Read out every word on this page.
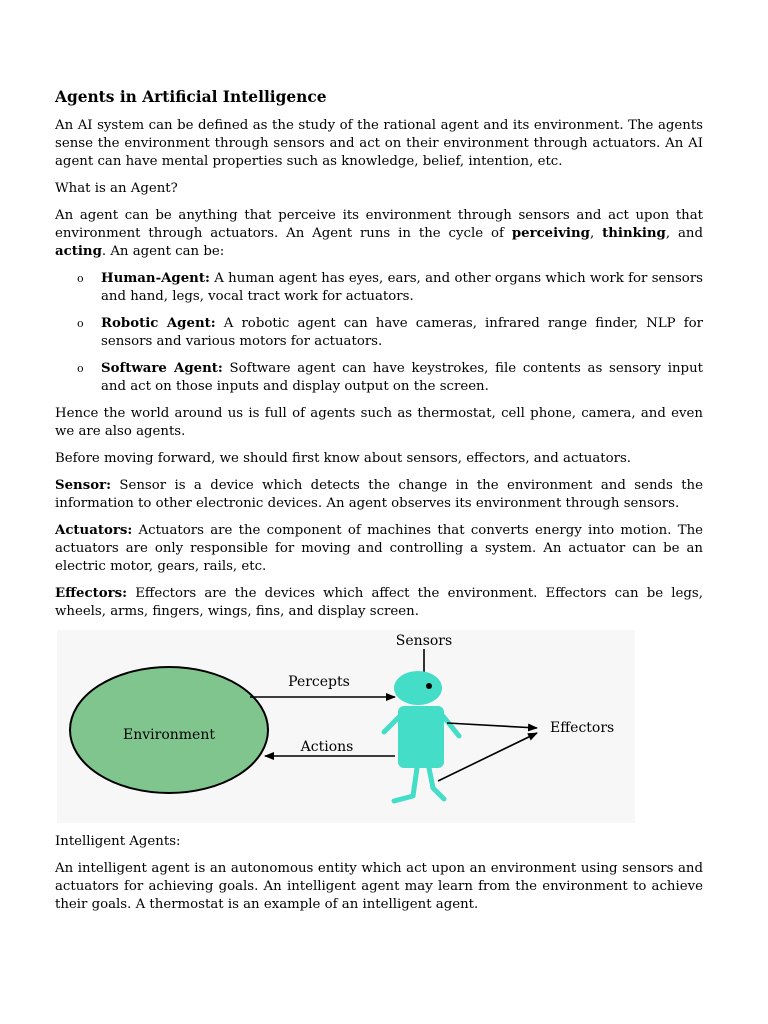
Agents in Artificial Intelligence

An AI system can be defined as the study of the rational agent and its environment. The agents sense the environment through sensors and act on their environment through actuators. An AI agent can have mental properties such as knowledge, belief, intention, etc.

What is an Agent?

An agent can be anything that perceive its environment through sensors and act upon that environment through actuators. An Agent runs in the cycle of perceiving, thinking, and acting. An agent can be:

o Human-Agent: A human agent has eyes, ears, and other organs which work for sensors and hand, legs, vocal tract work for actuators.
o Robotic Agent: A robotic agent can have cameras, infrared range finder, NLP for sensors and various motors for actuators.
o Software Agent: Software agent can have keystrokes, file contents as sensory input and act on those inputs and display output on the screen.

Hence the world around us is full of agents such as thermostat, cell phone, camera, and even we are also agents.

Before moving forward, we should first know about sensors, effectors, and actuators.

Sensor: Sensor is a device which detects the change in the environment and sends the information to other electronic devices. An agent observes its environment through sensors.

Actuators: Actuators are the component of machines that converts energy into motion. The actuators are only responsible for moving and controlling a system. An actuator can be an electric motor, gears, rails, etc.

Effectors: Effectors are the devices which affect the environment. Effectors can be legs, wheels, arms, fingers, wings, fins, and display screen.

Environment
Percepts
Actions
Sensors
Effectors

Intelligent Agents:

An intelligent agent is an autonomous entity which act upon an environment using sensors and actuators for achieving goals. An intelligent agent may learn from the environment to achieve their goals. A thermostat is an example of an intelligent agent.
